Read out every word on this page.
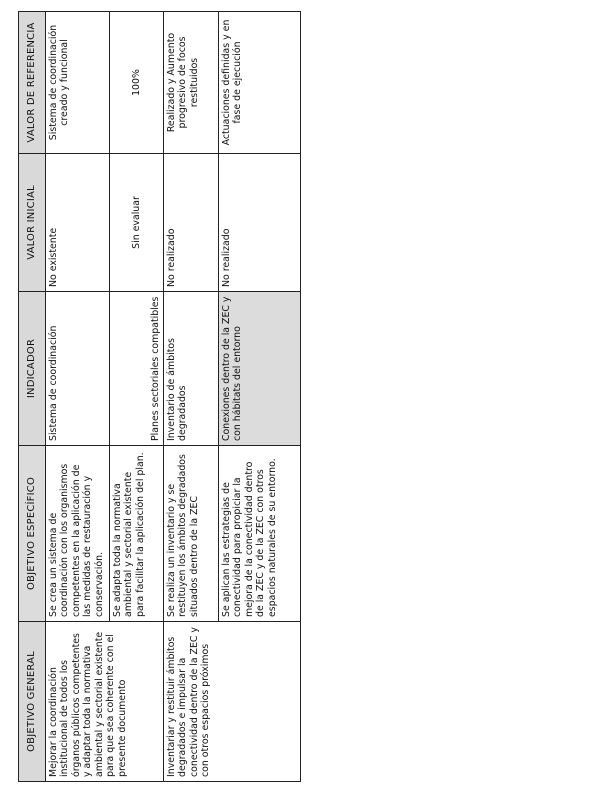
OBJETIVO GENERAL	OBJETIVO ESPECÍFICO	INDICADOR	VALOR INICIAL	VALOR DE REFERENCIA
Mejorar la coordinación institucional de todos los órganos públicos competentes y adaptar toda la normativa ambiental y sectorial existente para que sea coherente con el presente documento	Se crea un sistema de coordinación con los organismos competentes en la aplicación de las medidas de restauración y conservación.	Sistema de coordinación	No existente	Sistema de coordinación creado y funcional
	Se adapta toda la normativa ambiental y sectorial existente para facilitar la aplicación del plan.	Planes sectoriales compatibles	Sin evaluar	100%
Inventariar y restituir ámbitos degradados e impulsar la conectividad dentro de la ZEC y con otros espacios próximos	Se realiza un inventario y se restituyen los ámbitos degradados situados dentro de la ZEC	Inventario de ámbitos degradados	No realizado	Realizado y Aumento progresivo de focos restituidos
	Se aplican las estrategias de conectividad para propiciar la mejora de la conectividad dentro de la ZEC y de la ZEC con otros espacios naturales de su entorno.	Conexiones dentro de la ZEC y con hábitats del entorno	No realizado	Actuaciones definidas y en fase de ejecución
